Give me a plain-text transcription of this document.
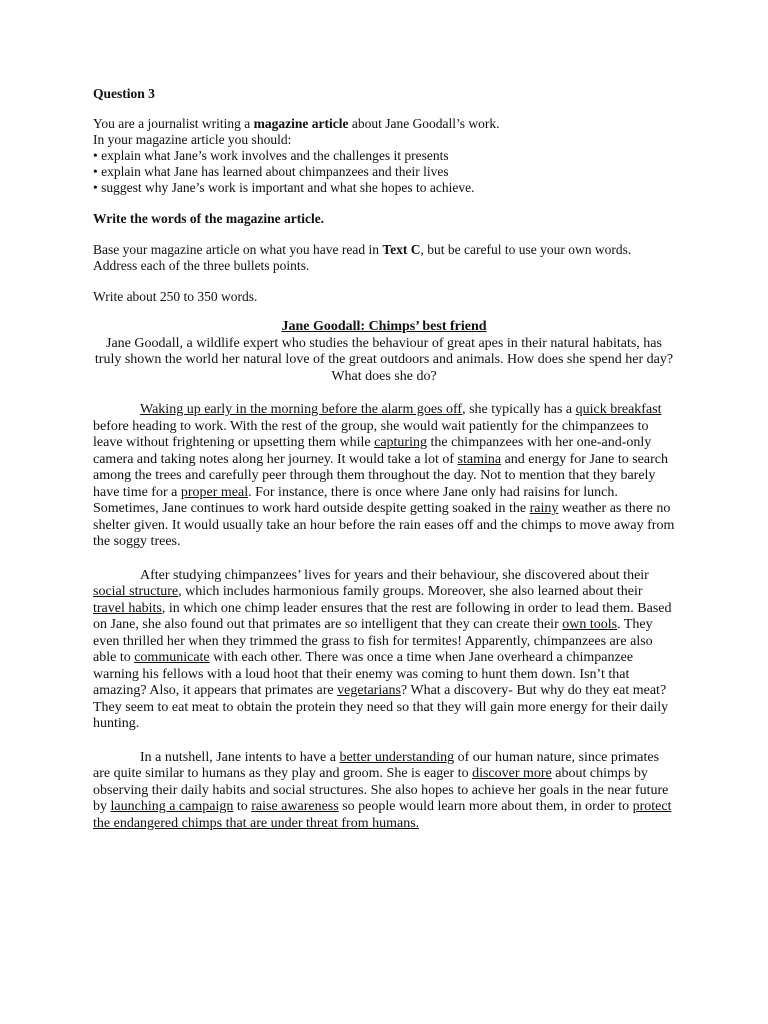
Question 3

You are a journalist writing a magazine article about Jane Goodall’s work.

In your magazine article you should:

• explain what Jane’s work involves and the challenges it presents

• explain what Jane has learned about chimpanzees and their lives

• suggest why Jane’s work is important and what she hopes to achieve.

Write the words of the magazine article.

Base your magazine article on what you have read in Text C, but be careful to use your own words.

Address each of the three bullets points.

Write about 250 to 350 words.

Jane Goodall: Chimps’ best friend

Jane Goodall, a wildlife expert who studies the behaviour of great apes in their natural habitats, has truly shown the world her natural love of the great outdoors and animals. How does she spend her day? What does she do?

Waking up early in the morning before the alarm goes off, she typically has a quick breakfast before heading to work. With the rest of the group, she would wait patiently for the chimpanzees to leave without frightening or upsetting them while capturing the chimpanzees with her one-and-only camera and taking notes along her journey. It would take a lot of stamina and energy for Jane to search among the trees and carefully peer through them throughout the day. Not to mention that they barely have time for a proper meal. For instance, there is once where Jane only had raisins for lunch. Sometimes, Jane continues to work hard outside despite getting soaked in the rainy weather as there no shelter given. It would usually take an hour before the rain eases off and the chimps to move away from the soggy trees.

After studying chimpanzees’ lives for years and their behaviour, she discovered about their social structure, which includes harmonious family groups. Moreover, she also learned about their travel habits, in which one chimp leader ensures that the rest are following in order to lead them. Based on Jane, she also found out that primates are so intelligent that they can create their own tools. They even thrilled her when they trimmed the grass to fish for termites! Apparently, chimpanzees are also able to communicate with each other. There was once a time when Jane overheard a chimpanzee warning his fellows with a loud hoot that their enemy was coming to hunt them down. Isn’t that amazing? Also, it appears that primates are vegetarians? What a discovery- But why do they eat meat? They seem to eat meat to obtain the protein they need so that they will gain more energy for their daily hunting.

In a nutshell, Jane intents to have a better understanding of our human nature, since primates are quite similar to humans as they play and groom. She is eager to discover more about chimps by observing their daily habits and social structures. She also hopes to achieve her goals in the near future by launching a campaign to raise awareness so people would learn more about them, in order to protect the endangered chimps that are under threat from humans.
